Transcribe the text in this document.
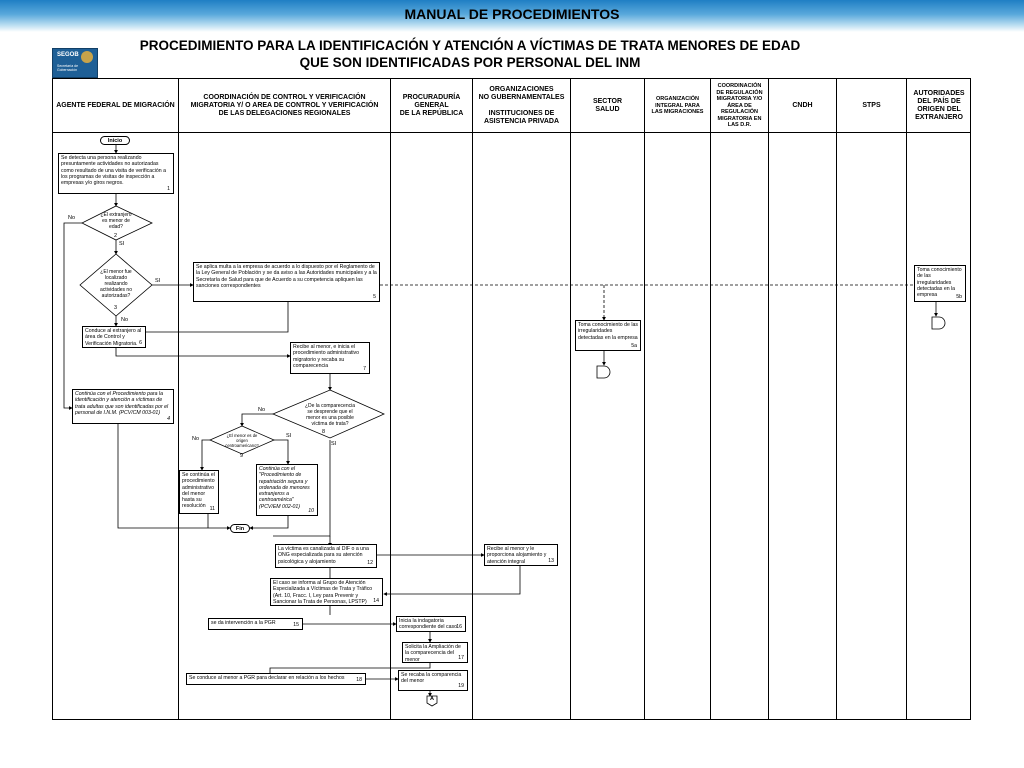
MANUAL DE PROCEDIMIENTOS
SEGOB
Secretaría de Gobernación
PROCEDIMIENTO PARA LA IDENTIFICACIÓN Y ATENCIÓN A VÍCTIMAS DE TRATA MENORES DE EDAD
QUE SON IDENTIFICADAS POR PERSONAL DEL INM
AGENTE FEDERAL DE MIGRACIÓN
COORDINACIÓN DE CONTROL Y VERIFICACIÓN
MIGRATORIA Y/ O AREA DE CONTROL Y VERIFICACIÓN
DE LAS DELEGACIONES REGIONALES
PROCURADURÍA
GENERAL
DE LA REPÚBLICA
ORGANIZACIONES
NO GUBERNAMENTALES

INSTITUCIONES DE
ASISTENCIA PRIVADA
SECTOR
SALUD
ORGANIZACIÓN
INTEGRAL PARA
LAS MIGRACIONES
COORDINACIÓN
DE REGULACIÓN
MIGRATORIA Y/O
ÁREA DE
REGULACIÓN
MIGRATORIA EN
LAS D.R.
CNDH	STPS
AUTORIDADES
DEL PAÍS DE
ORIGEN DEL
EXTRANJERO
Inicio
Fin
A
Se detecta una persona realizando presuntamente actividades no autorizadas como resultado de una visita de verificación a los programas de visitas de inspección a empresas y/o giros negros.
1
Se aplica multa a la empresa de acuerdo a lo dispuesto por el Reglamento de la Ley General de Población y se da aviso a las Autoridades municipales y a la Secretaría de Salud para que de Acuerdo a su competencia apliquen las sanciones correspondientes
5
Toma conocimiento de las irregularidades detectadas en la empresa
5a
Toma conocimiento de las irregularidades detectadas en la empresa	5b
Conduce al extranjero al área de Control y Verificación Migratoria. 6
Recibe al menor, e inicia el procedimiento administrativo migratorio y recaba su comparecencia	7
Continúa con el Procedimiento para la identificación y atención a víctimas de trata adultas que son identificadas por el personal de I.N.M. (PCV/CM 003-01)
4
Continúa con el "Procedimiento de repatriación segura y ordenada de menores extranjeros a centroamérica" (PCV/EM 002-01)
10
Se continúa el procedimiento administrativo del menor hasta su resolución 11
La víctima es canalizada al DIF o a una ONG especializada para su atención psicológica y alojamiento	12
Recibe al menor y le proporciona alojamiento y atención integral	13
El caso se informa al Grupo de Atención Especializada a Víctimas de Trata y Tráfico (Art. 10, Fracc. I, Ley para Prevenir y Sancionar la Trata de Personas, LPSTP) 14
se da intervención a la PGR	15
Inicia la indagatoria correspondiente del caso 16
Solicita la Ampliación de la comparecencia del menor	17
Se conduce al menor a PGR para declarar en relación a los hechos 18
Se recaba la comparencia del menor
19
¿El extranjero
es menor de
edad?
2
¿El menor fue
localizado
realizando
actividades no
autorizadas?
3
¿De la comparecencia
se desprende que el
menor es una posible
víctima de trata?
8
¿El menor es de
origen
centroamericano?
9
No
SI
SI
No
No
SI
No	SI
